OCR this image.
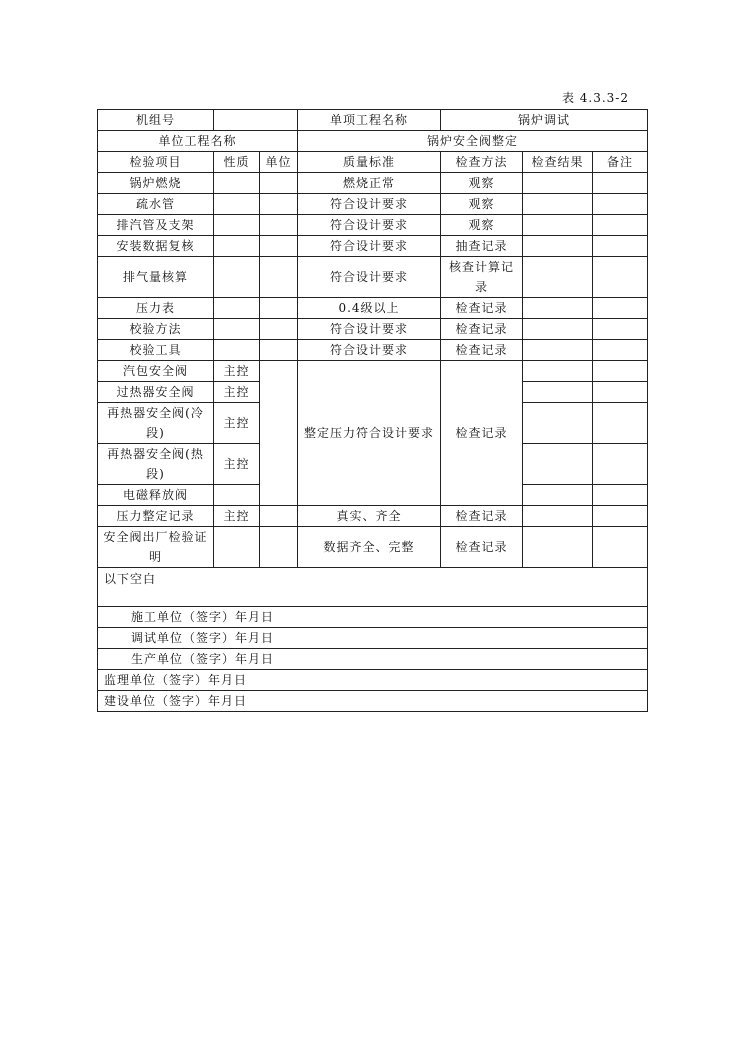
表 4.3.3-2
机组号			单项工程名称	锅炉调试		
单位工程名称			锅炉安全阀整定			
检验项目	性质	单位	质量标准	检查方法	检查结果	备注
锅炉燃烧			燃烧正常	观察		
疏水管			符合设计要求	观察		
排汽管及支架			符合设计要求	观察		
安装数据复核			符合设计要求	抽查记录		
排气量核算			符合设计要求	核查计算记录		
压力表			0.4级以上	检查记录		
校验方法			符合设计要求	检查记录		
校验工具			符合设计要求	检查记录		
汽包安全阀	主控		整定压力符合设计要求	检查记录		
过热器安全阀	主控					
再热器安全阀(冷段)	主控					
再热器安全阀(热段)	主控					
电磁释放阀						
压力整定记录	主控		真实、齐全	检查记录		
安全阀出厂检验证明			数据齐全、完整	检查记录		
以下空白						
施工单位（签字）年月日						
调试单位（签字）年月日						
生产单位（签字）年月日						
监理单位（签字）年月日						
建设单位（签字）年月日						
